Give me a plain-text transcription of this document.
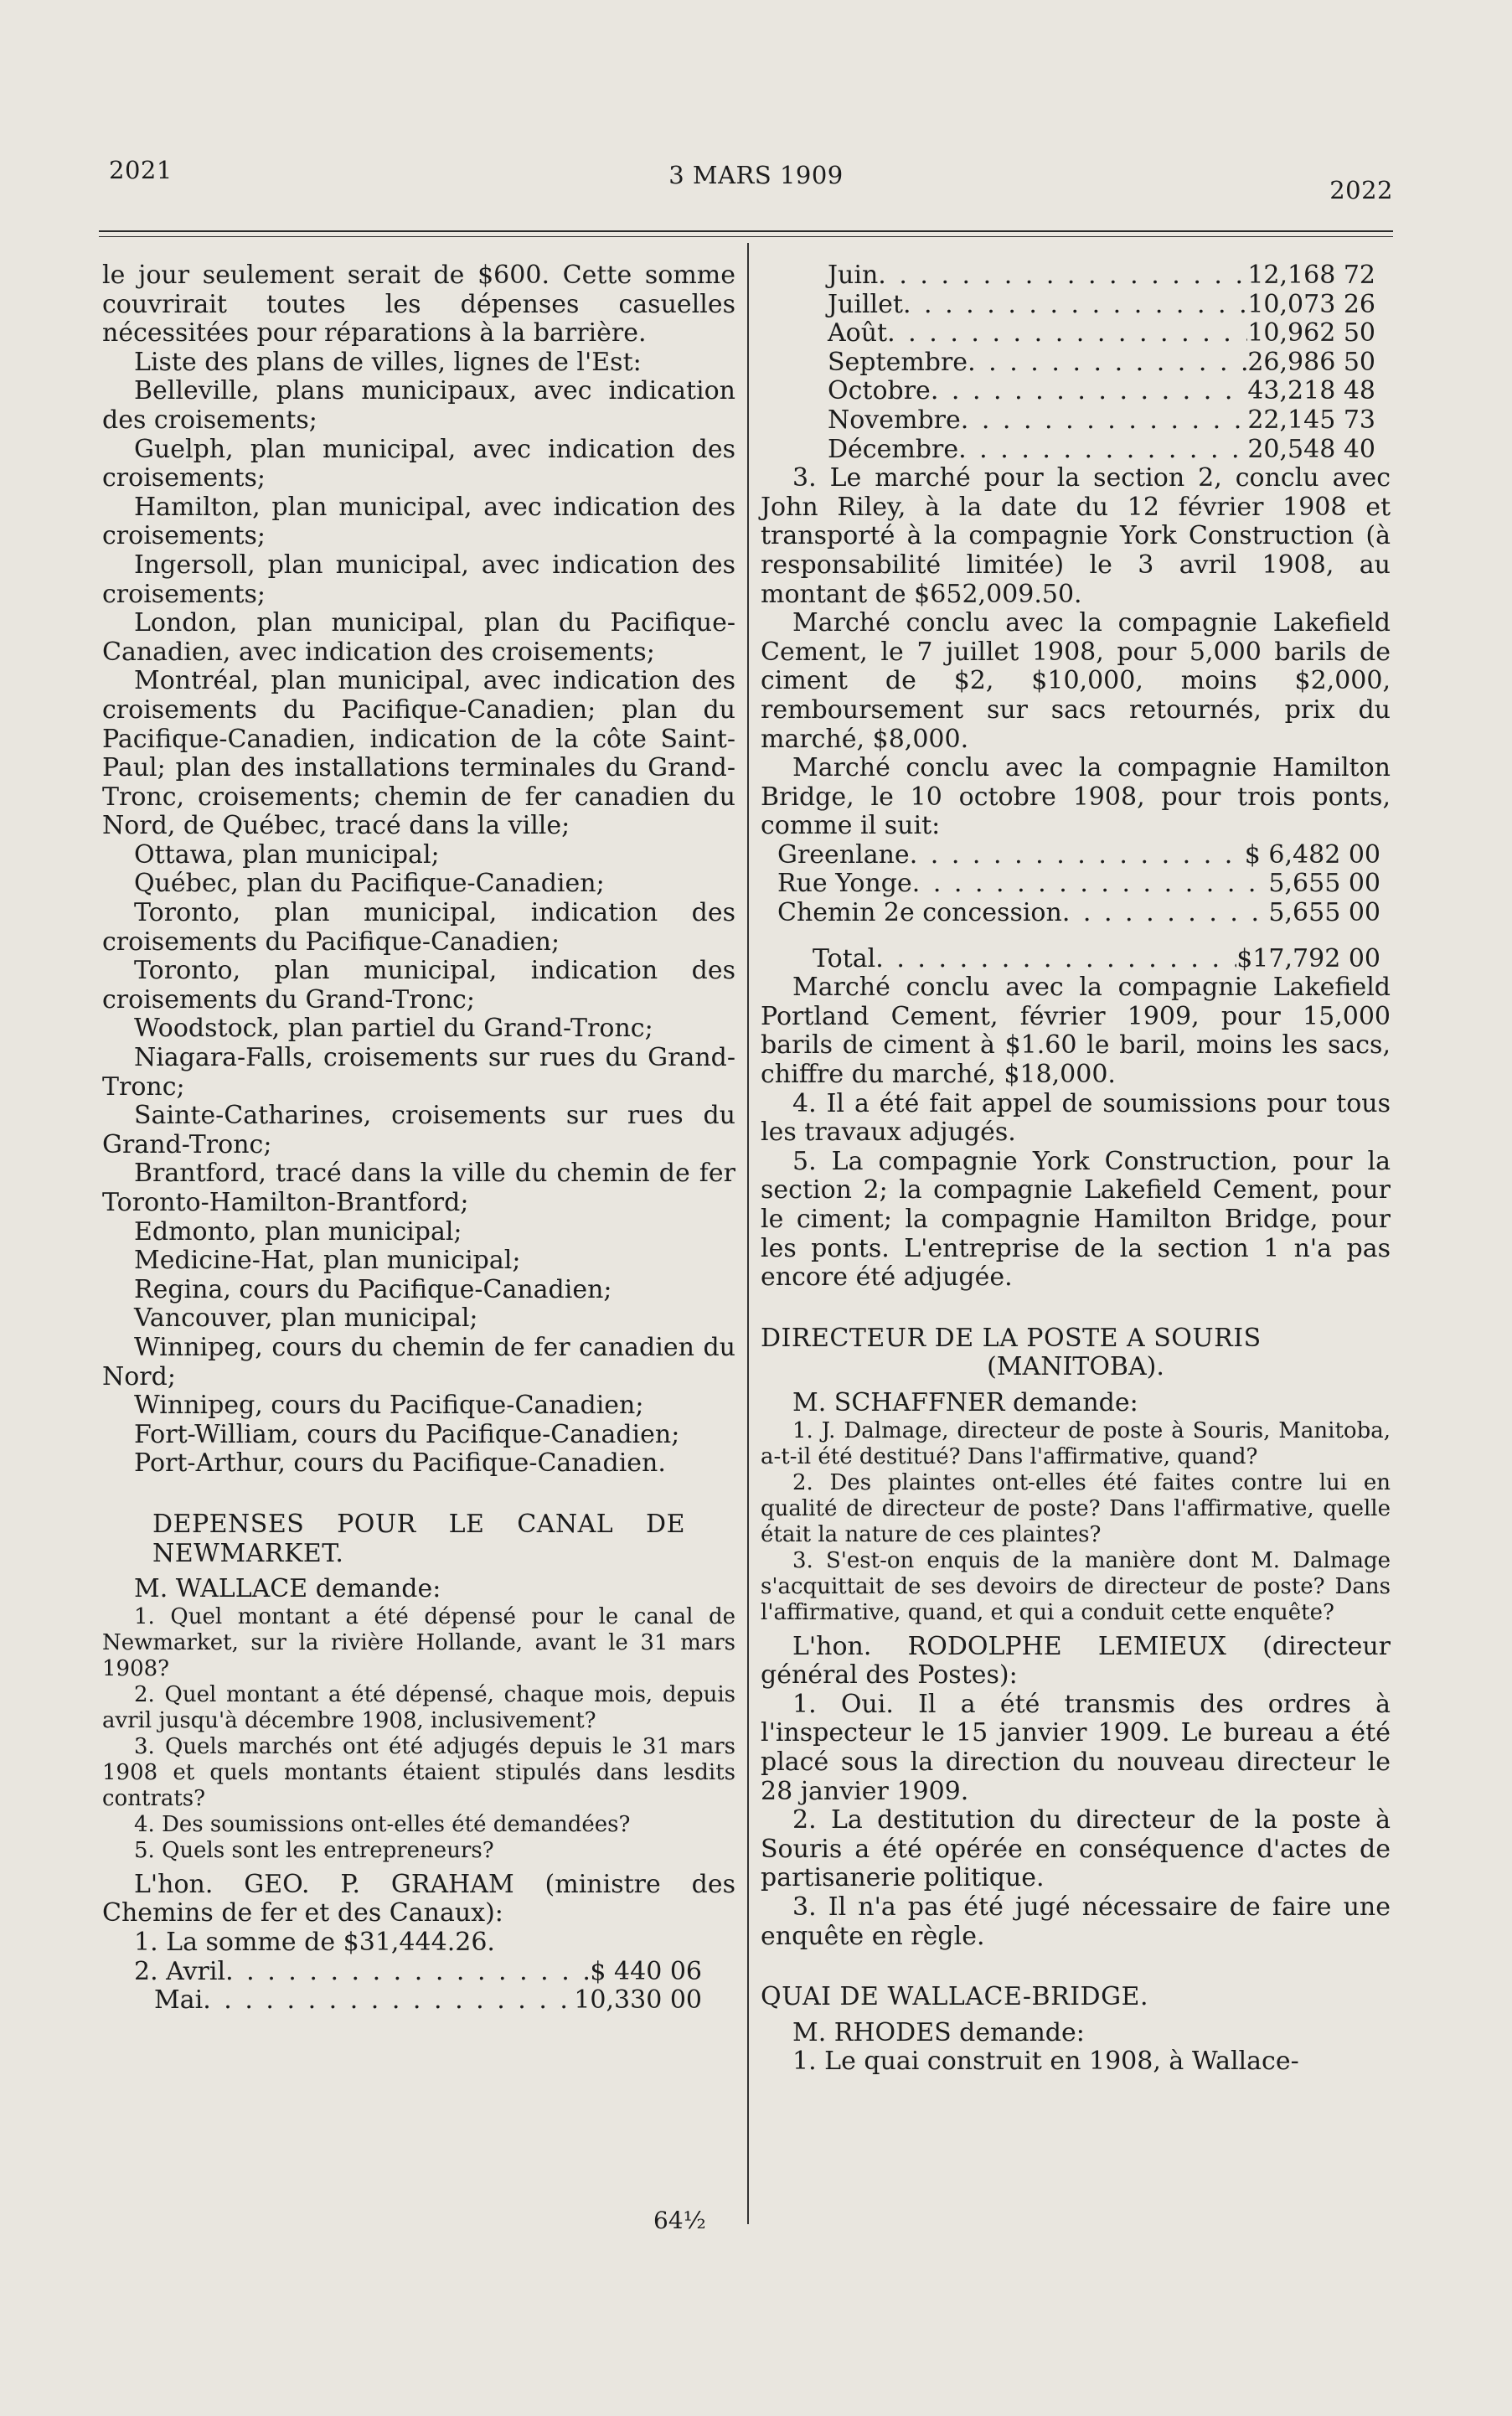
2021	3 MARS 1909
2022

le jour seulement serait de $600. Cette somme couvrirait toutes les dépenses casuelles nécessitées pour réparations à la barrière.

Liste des plans de villes, lignes de l'Est:

Belleville, plans municipaux, avec indication des croisements;

Guelph, plan municipal, avec indication des croisements;

Hamilton, plan municipal, avec indication des croisements;

Ingersoll, plan municipal, avec indication des croisements;

London, plan municipal, plan du Pacifique-Canadien, avec indication des croisements;

Montréal, plan municipal, avec indication des croisements du Pacifique-Canadien; plan du Pacifique-Canadien, indication de la côte Saint-Paul; plan des installations terminales du Grand-Tronc, croisements; chemin de fer canadien du Nord, de Québec, tracé dans la ville;

Ottawa, plan municipal;

Québec, plan du Pacifique-Canadien;

Toronto, plan municipal, indication des croisements du Pacifique-Canadien;

Toronto, plan municipal, indication des croisements du Grand-Tronc;

Woodstock, plan partiel du Grand-Tronc;

Niagara-Falls, croisements sur rues du Grand-Tronc;

Sainte-Catharines, croisements sur rues du Grand-Tronc;

Brantford, tracé dans la ville du chemin de fer Toronto-Hamilton-Brantford;

Edmonto, plan municipal;

Medicine-Hat, plan municipal;

Regina, cours du Pacifique-Canadien;

Vancouver, plan municipal;

Winnipeg, cours du chemin de fer canadien du Nord;

Winnipeg, cours du Pacifique-Canadien;

Fort-William, cours du Pacifique-Canadien;

Port-Arthur, cours du Pacifique-Canadien.

DEPENSES POUR LE CANAL DE NEWMARKET.

M. WALLACE demande:

1. Quel montant a été dépensé pour le canal de Newmarket, sur la rivière Hollande, avant le 31 mars 1908?

2. Quel montant a été dépensé, chaque mois, depuis avril jusqu'à décembre 1908, inclusivement?

3. Quels marchés ont été adjugés depuis le 31 mars 1908 et quels montants étaient stipulés dans lesdits contrats?

4. Des soumissions ont-elles été demandées?

5. Quels sont les entrepreneurs?

L'hon. GEO. P. GRAHAM (ministre des Chemins de fer et des Canaux):

1. La somme de $31,444.26.

2. Avril . . .	$ 440 06
Mai . . .	10,330 00
Juin . . .	12,168 72
Juillet . . .	10,073 26
Août . . .	10,962 50
Septembre . . .	26,986 50
Octobre . . .	43,218 48
Novembre . . .	22,145 73
Décembre . . .	20,548 40

3. Le marché pour la section 2, conclu avec John Riley, à la date du 12 février 1908 et transporté à la compagnie York Construction (à responsabilité limitée) le 3 avril 1908, au montant de $652,009.50.

Marché conclu avec la compagnie Lakefield Cement, le 7 juillet 1908, pour 5,000 barils de ciment de $2, $10,000, moins $2,000, remboursement sur sacs retournés, prix du marché, $8,000.

Marché conclu avec la compagnie Hamilton Bridge, le 10 octobre 1908, pour trois ponts, comme il suit:

Greenlane . . .	$ 6,482 00
Rue Yonge . . .	5,655 00
Chemin 2e concession . . .	5,655 00
Total . . .	$17,792 00

Marché conclu avec la compagnie Lakefield Portland Cement, février 1909, pour 15,000 barils de ciment à $1.60 le baril, moins les sacs, chiffre du marché, $18,000.

4. Il a été fait appel de soumissions pour tous les travaux adjugés.

5. La compagnie York Construction, pour la section 2; la compagnie Lakefield Cement, pour le ciment; la compagnie Hamilton Bridge, pour les ponts. L'entreprise de la section 1 n'a pas encore été adjugée.

DIRECTEUR DE LA POSTE A SOURIS

(MANITOBA).

M. SCHAFFNER demande:

1. J. Dalmage, directeur de poste à Souris, Manitoba, a-t-il été destitué? Dans l'affirmative, quand?

2. Des plaintes ont-elles été faites contre lui en qualité de directeur de poste? Dans l'affirmative, quelle était la nature de ces plaintes?

3. S'est-on enquis de la manière dont M. Dalmage s'acquittait de ses devoirs de directeur de poste? Dans l'affirmative, quand, et qui a conduit cette enquête?

L'hon. RODOLPHE LEMIEUX (directeur général des Postes):

1. Oui. Il a été transmis des ordres à l'inspecteur le 15 janvier 1909. Le bureau a été placé sous la direction du nouveau directeur le 28 janvier 1909.

2. La destitution du directeur de la poste à Souris a été opérée en conséquence d'actes de partisanerie politique.

3. Il n'a pas été jugé nécessaire de faire une enquête en règle.

QUAI DE WALLACE-BRIDGE.

M. RHODES demande:

1. Le quai construit en 1908, à Wallace-

64½
